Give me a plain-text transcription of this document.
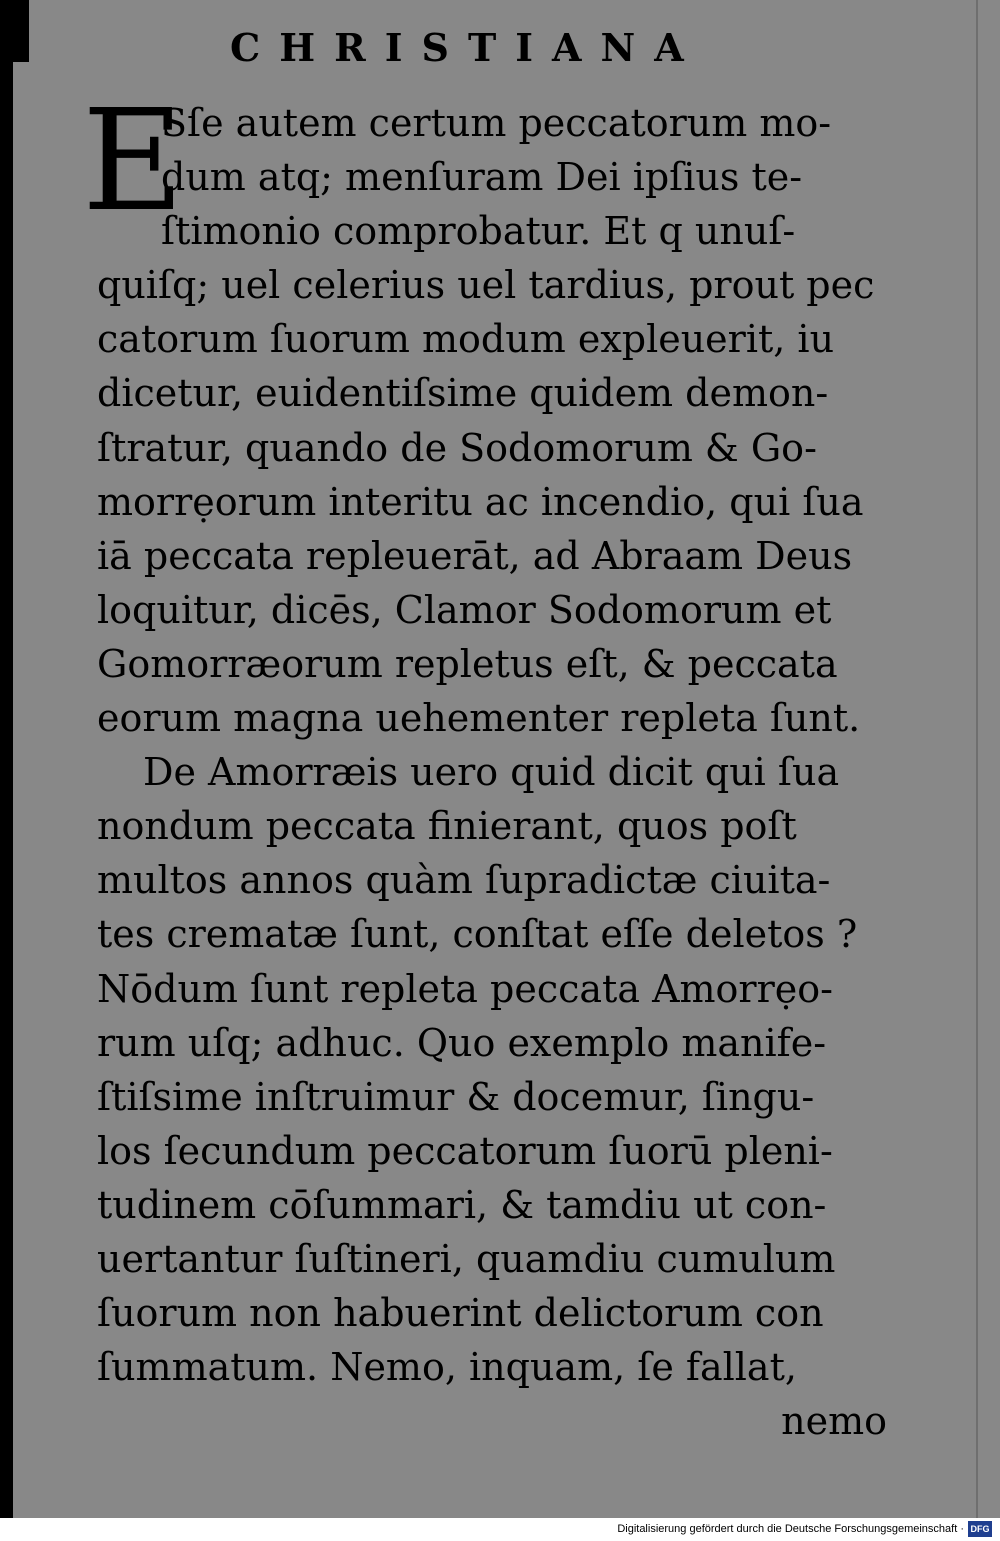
CHRISTIANA
E
Sſe autem certum peccatorum mo-
dum atq; menſuram Dei ipſius te-
ſtimonio comprobatur. Et q unuſ-
quiſq; uel celerius uel tardius, prout pec
catorum ſuorum modum expleuerit, iu
dicetur, euidentiſsime quidem demon-
ſtratur, quando de Sodomorum & Go-
morrẹorum interitu ac incendio, qui ſua
iā peccata repleuerāt, ad Abraam Deus
loquitur, dicēs, Clamor Sodomorum et
Gomorræorum repletus eſt, & peccata
eorum magna uehementer repleta ſunt.
De Amorræis uero quid dicit qui ſua
nondum peccata finierant, quos poſt
multos annos quàm ſupradictæ ciuita-
tes crematæ ſunt, conſtat eſſe deletos ?
Nōdum ſunt repleta peccata Amorrẹo-
rum uſq; adhuc. Quo exemplo manife-
ſtiſsime inſtruimur & docemur, ſingu-
los ſecundum peccatorum ſuorū pleni-
tudinem cōſummari, & tamdiu ut con-
uertantur ſuſtineri, quamdiu cumulum
ſuorum non habuerint delictorum con
ſummatum. Nemo, inquam, ſe fallat,
nemo
Digitalisierung gefördert durch die Deutsche Forschungsgemeinschaft · DFG
